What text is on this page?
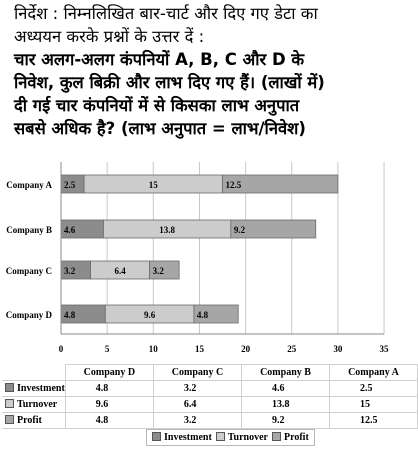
निर्देश : निम्नलिखित बार-चार्ट और दिए गए डेटा का
अध्ययन करके प्रश्नों के उत्तर दें :
चार अलग-अलग कंपनियों A, B, C और D के
निवेश, कुल बिक्री और लाभ दिए गए हैं। (लाखों में)
दी गई चार कंपनियों में से किसका लाभ अनुपात
सबसे अधिक है? (लाभ अनुपात = लाभ/निवेश)
Company A 2.5	15	12.5
Company B 4.6	13.8	9.2
Company C 3.2	6.4	3.2
Company D 4.8	9.6	4.8
0	5	10	15	20	25	30	35
	Company D	Company C	Company B	Company A
Investment	4.8	3.2	4.6	2.5
Turnover	9.6	6.4	13.8	15
Profit	4.8	3.2	9.2	12.5
Investment Turnover Profit
